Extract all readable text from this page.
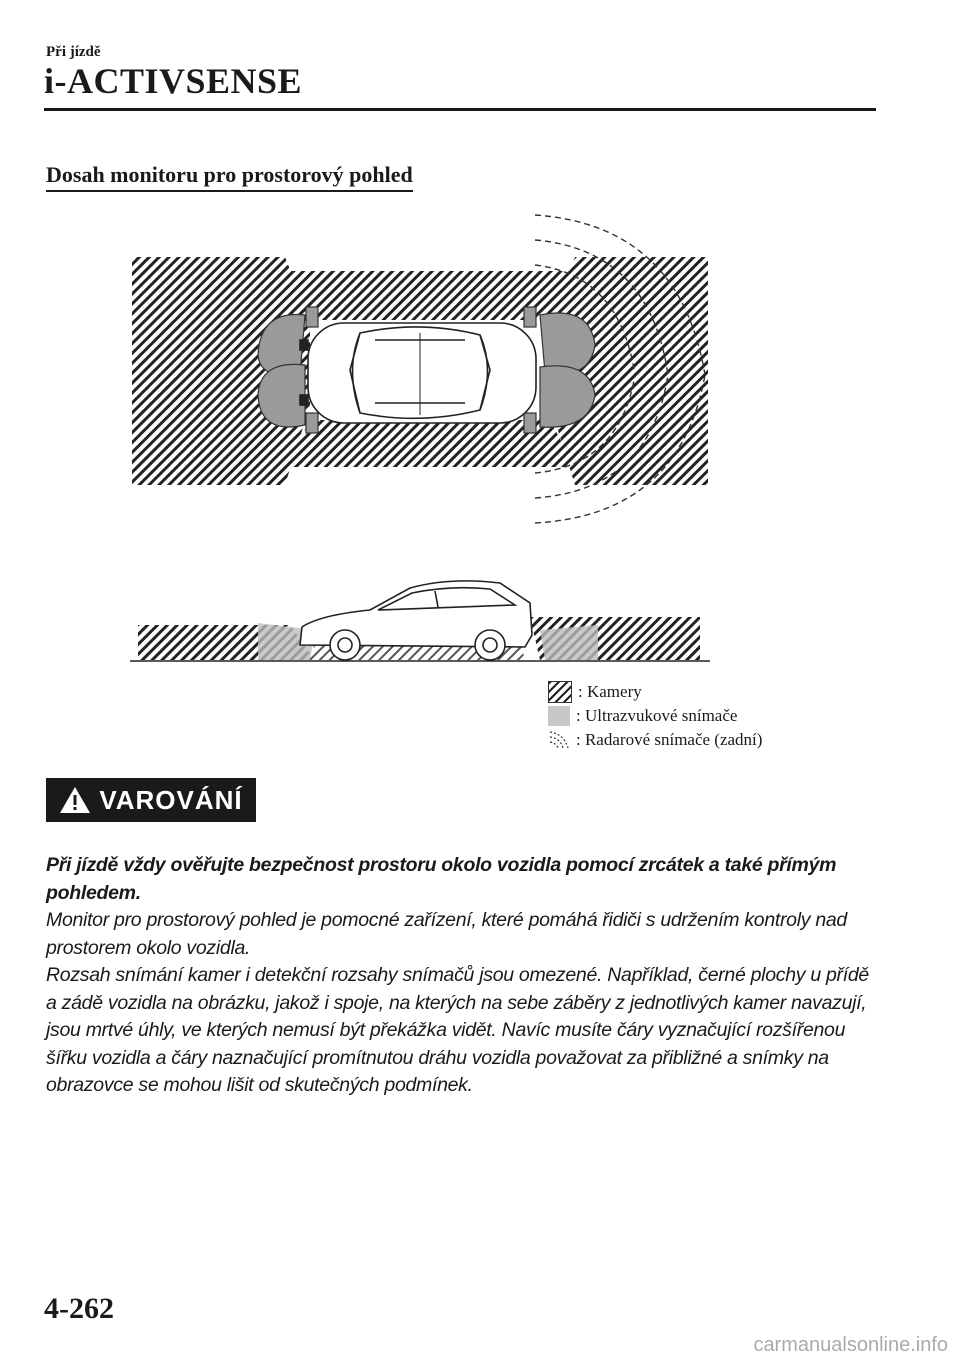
Při jízdě
i-ACTIVSENSE
Dosah monitoru pro prostorový pohled
: Kamery
: Ultrazvukové snímače
: Radarové snímače (zadní)
VAROVÁNÍ

Při jízdě vždy ověřujte bezpečnost prostoru okolo vozidla pomocí zrcátek a také přímým pohledem.

Monitor pro prostorový pohled je pomocné zařízení, které pomáhá řidiči s udržením kontroly nad prostorem okolo vozidla.

Rozsah snímání kamer i detekční rozsahy snímačů jsou omezené. Například, černé plochy u přídě a zádě vozidla na obrázku, jakož i spoje, na kterých na sebe záběry z jednotlivých kamer navazují, jsou mrtvé úhly, ve kterých nemusí být překážka vidět. Navíc musíte čáry vyznačující rozšířenou šířku vozidla a čáry naznačující promítnutou dráhu vozidla považovat za přibližné a snímky na obrazovce se mohou lišit od skutečných podmínek.

4-262
carmanualsonline.info
